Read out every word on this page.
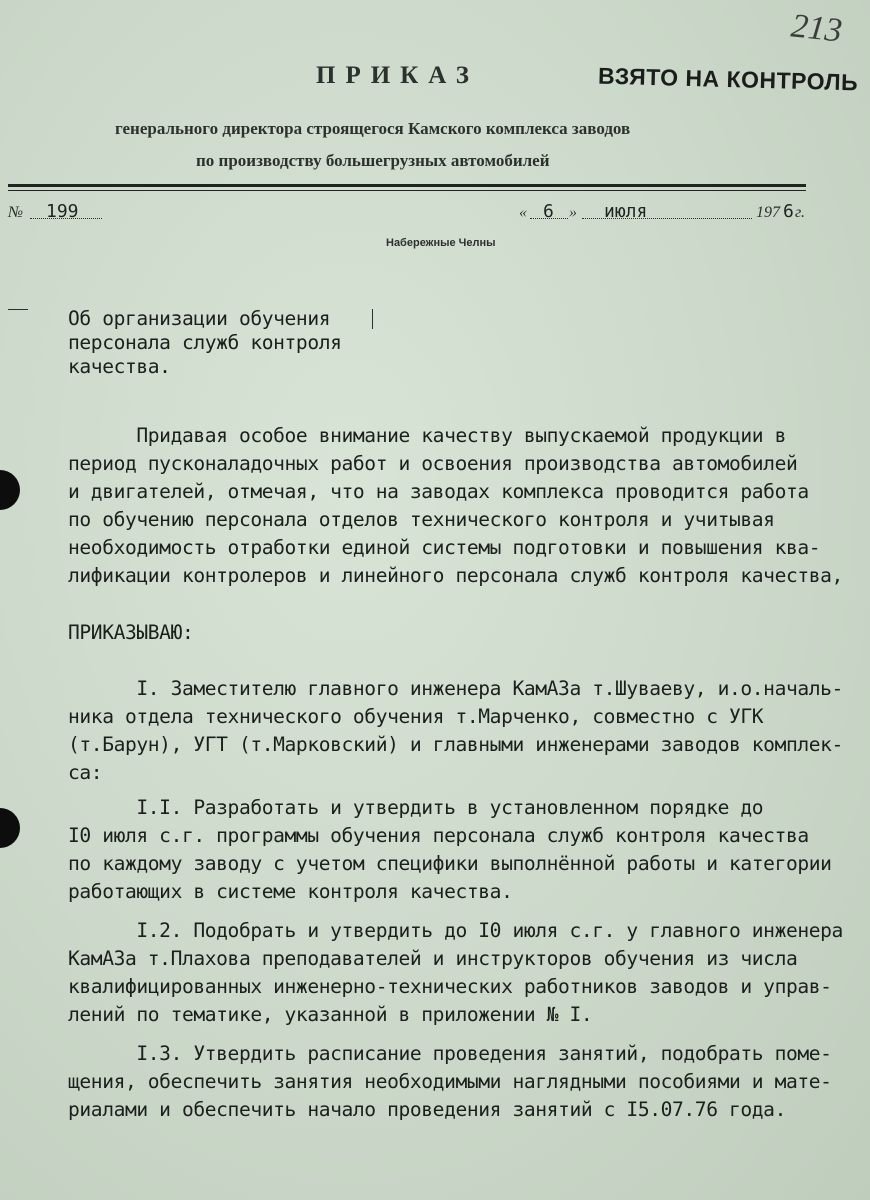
213
ПРИКАЗ	ВЗЯТО НА КОНТРОЛЬ
генерального директора строящегося Камского комплекса заводов
по производству большегрузных автомобилей
№ 199	« 6 » июля	197 6 г.
Набережные Челны
Об организации обучения
персонала служб контроля
качества.
Придавая особое внимание качеству выпускаемой продукции в
период пусконаладочных работ и освоения производства автомобилей
и двигателей, отмечая, что на заводах комплекса проводится работа
по обучению персонала отделов технического контроля и учитывая
необходимость отработки единой системы подготовки и повышения ква-
лификации контролеров и линейного персонала служб контроля качества,
ПРИКАЗЫВАЮ:
I. Заместителю главного инженера КамАЗа т.Шуваеву, и.о.началь-
ника отдела технического обучения т.Марченко, совместно с УГК
(т.Барун), УГТ (т.Марковский) и главными инженерами заводов комплек-
са:
I.I. Разработать и утвердить в установленном порядке до
I0 июля с.г. программы обучения персонала служб контроля качества
по каждому заводу с учетом специфики выполнённой работы и категории
работающих в системе контроля качества.
I.2. Подобрать и утвердить до I0 июля с.г. у главного инженера
КамАЗа т.Плахова преподавателей и инструкторов обучения из числа
квалифицированных инженерно-технических работников заводов и управ-
лений по тематике, указанной в приложении № I.
I.3. Утвердить расписание проведения занятий, подобрать поме-
щения, обеспечить занятия необходимыми наглядными пособиями и мате-
риалами и обеспечить начало проведения занятий с I5.07.76 года.
